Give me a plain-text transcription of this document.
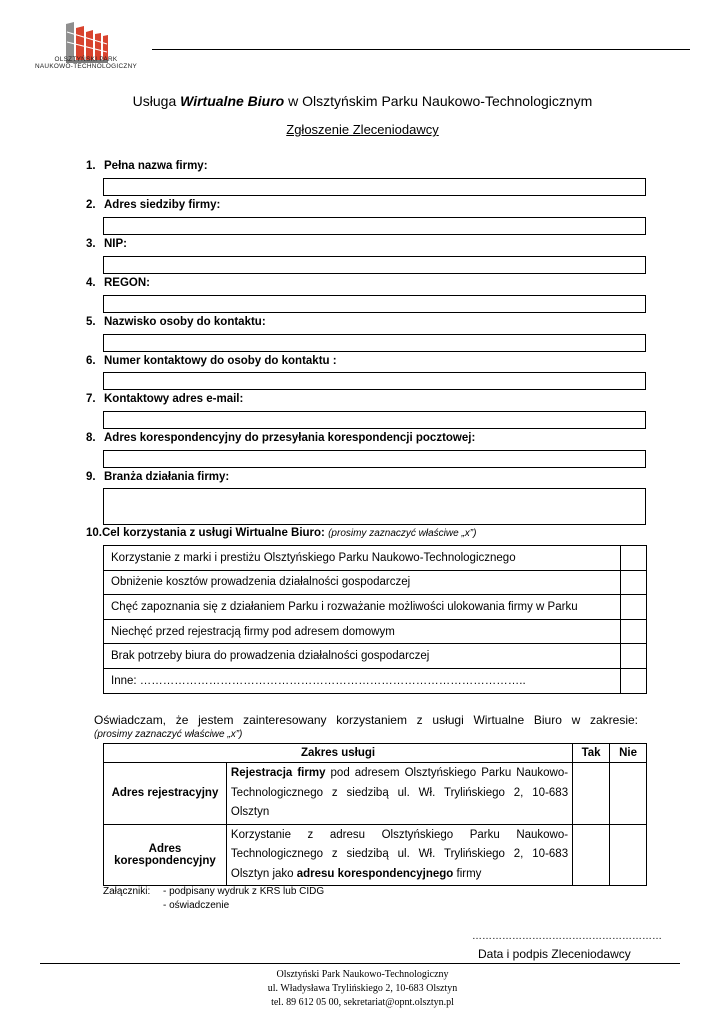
OLSZTYŃSKI PARK
NAUKOWO-TECHNOLOGICZNY
Usługa Wirtualne Biuro w Olsztyńskim Parku Naukowo-Technologicznym
Zgłoszenie Zleceniodawcy
1. Pełna nazwa firmy:
2. Adres siedziby firmy:
3. NIP:
4. REGON:
5. Nazwisko osoby do kontaktu:
6. Numer kontaktowy do osoby do kontaktu :
7. Kontaktowy adres e-mail:
8. Adres korespondencyjny do przesyłania korespondencji pocztowej:
9. Branża działania firmy:
10.Cel korzystania z usługi Wirtualne Biuro: (prosimy zaznaczyć właściwe „x”)
Korzystanie z marki i prestiżu Olsztyńskiego Parku Naukowo-Technologicznego	
Obniżenie kosztów prowadzenia działalności gospodarczej	
Chęć zapoznania się z działaniem Parku i rozważanie możliwości ulokowania firmy w Parku	
Niechęć przed rejestracją firmy pod adresem domowym	
Brak potrzeby biura do prowadzenia działalności gospodarczej	
Inne: ………………………………………………………………………………………..	
Oświadczam, że jestem zainteresowany korzystaniem z usługi Wirtualne Biuro w zakresie:
(prosimy zaznaczyć właściwe „x”)
Zakres usługi		Tak	Nie
Adres rejestracyjny	Rejestracja firmy pod adresem Olsztyńskiego Parku Naukowo-Technologicznego z siedzibą ul. Wł. Trylińskiego 2, 10-683 Olsztyn		
Adres korespondencyjny	Korzystanie z adresu Olsztyńskiego Parku Naukowo-Technologicznego z siedzibą ul. Wł. Trylińskiego 2, 10-683 Olsztyn jako adresu korespondencyjnego firmy		
Załączniki: - podpisany wydruk z KRS lub CIDG
- oświadczenie
…………………………………………………
Data i podpis Zleceniodawcy
Olsztyński Park Naukowo-Technologiczny
ul. Władysława Trylińskiego 2, 10-683 Olsztyn
tel. 89 612 05 00, sekretariat@opnt.olsztyn.pl
